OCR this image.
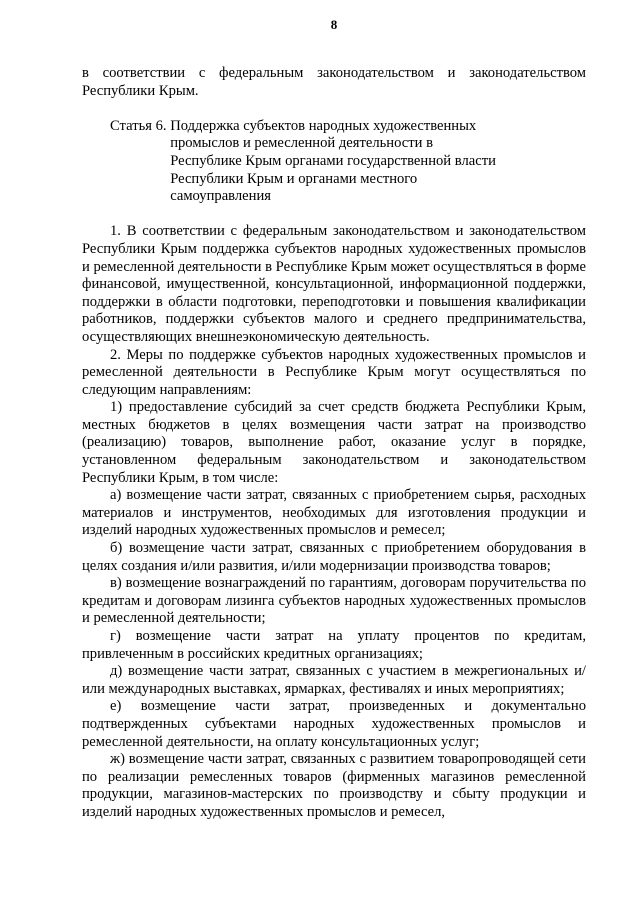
8

в соответствии с федеральным законодательством и законодательством Республики Крым.

Статья 6. Поддержка субъектов народных художественных промыслов и ремесленной деятельности в Республике Крым органами государственной власти Республики Крым и органами местного самоуправления

1. В соответствии с федеральным законодательством и законодательством Республики Крым поддержка субъектов народных художественных промыслов и ремесленной деятельности в Республике Крым может осуществляться в форме финансовой, имущественной, консультационной, информационной поддержки, поддержки в области подготовки, переподготовки и повышения квалификации работников, поддержки субъектов малого и среднего предпринимательства, осуществляющих внешнеэкономическую деятельность.

2. Меры по поддержке субъектов народных художественных промыслов и ремесленной деятельности в Республике Крым могут осуществляться по следующим направлениям:

1) предоставление субсидий за счет средств бюджета Республики Крым, местных бюджетов в целях возмещения части затрат на производство (реализацию) товаров, выполнение работ, оказание услуг в порядке, установленном федеральным законодательством и законодательством Республики Крым, в том числе:

а) возмещение части затрат, связанных с приобретением сырья, расходных материалов и инструментов, необходимых для изготовления продукции и изделий народных художественных промыслов и ремесел;

б) возмещение части затрат, связанных с приобретением оборудования в целях создания и/или развития, и/или модернизации производства товаров;

в) возмещение вознаграждений по гарантиям, договорам поручительства по кредитам и договорам лизинга субъектов народных художественных промыслов и ремесленной деятельности;

г) возмещение части затрат на уплату процентов по кредитам, привлеченным в российских кредитных организациях;

д) возмещение части затрат, связанных с участием в межрегиональных и/или международных выставках, ярмарках, фестивалях и иных мероприятиях;

е) возмещение части затрат, произведенных и документально подтвержденных субъектами народных художественных промыслов и ремесленной деятельности, на оплату консультационных услуг;

ж) возмещение части затрат, связанных с развитием товаропроводящей сети по реализации ремесленных товаров (фирменных магазинов ремесленной продукции, магазинов-мастерских по производству и сбыту продукции и изделий народных художественных промыслов и ремесел,
